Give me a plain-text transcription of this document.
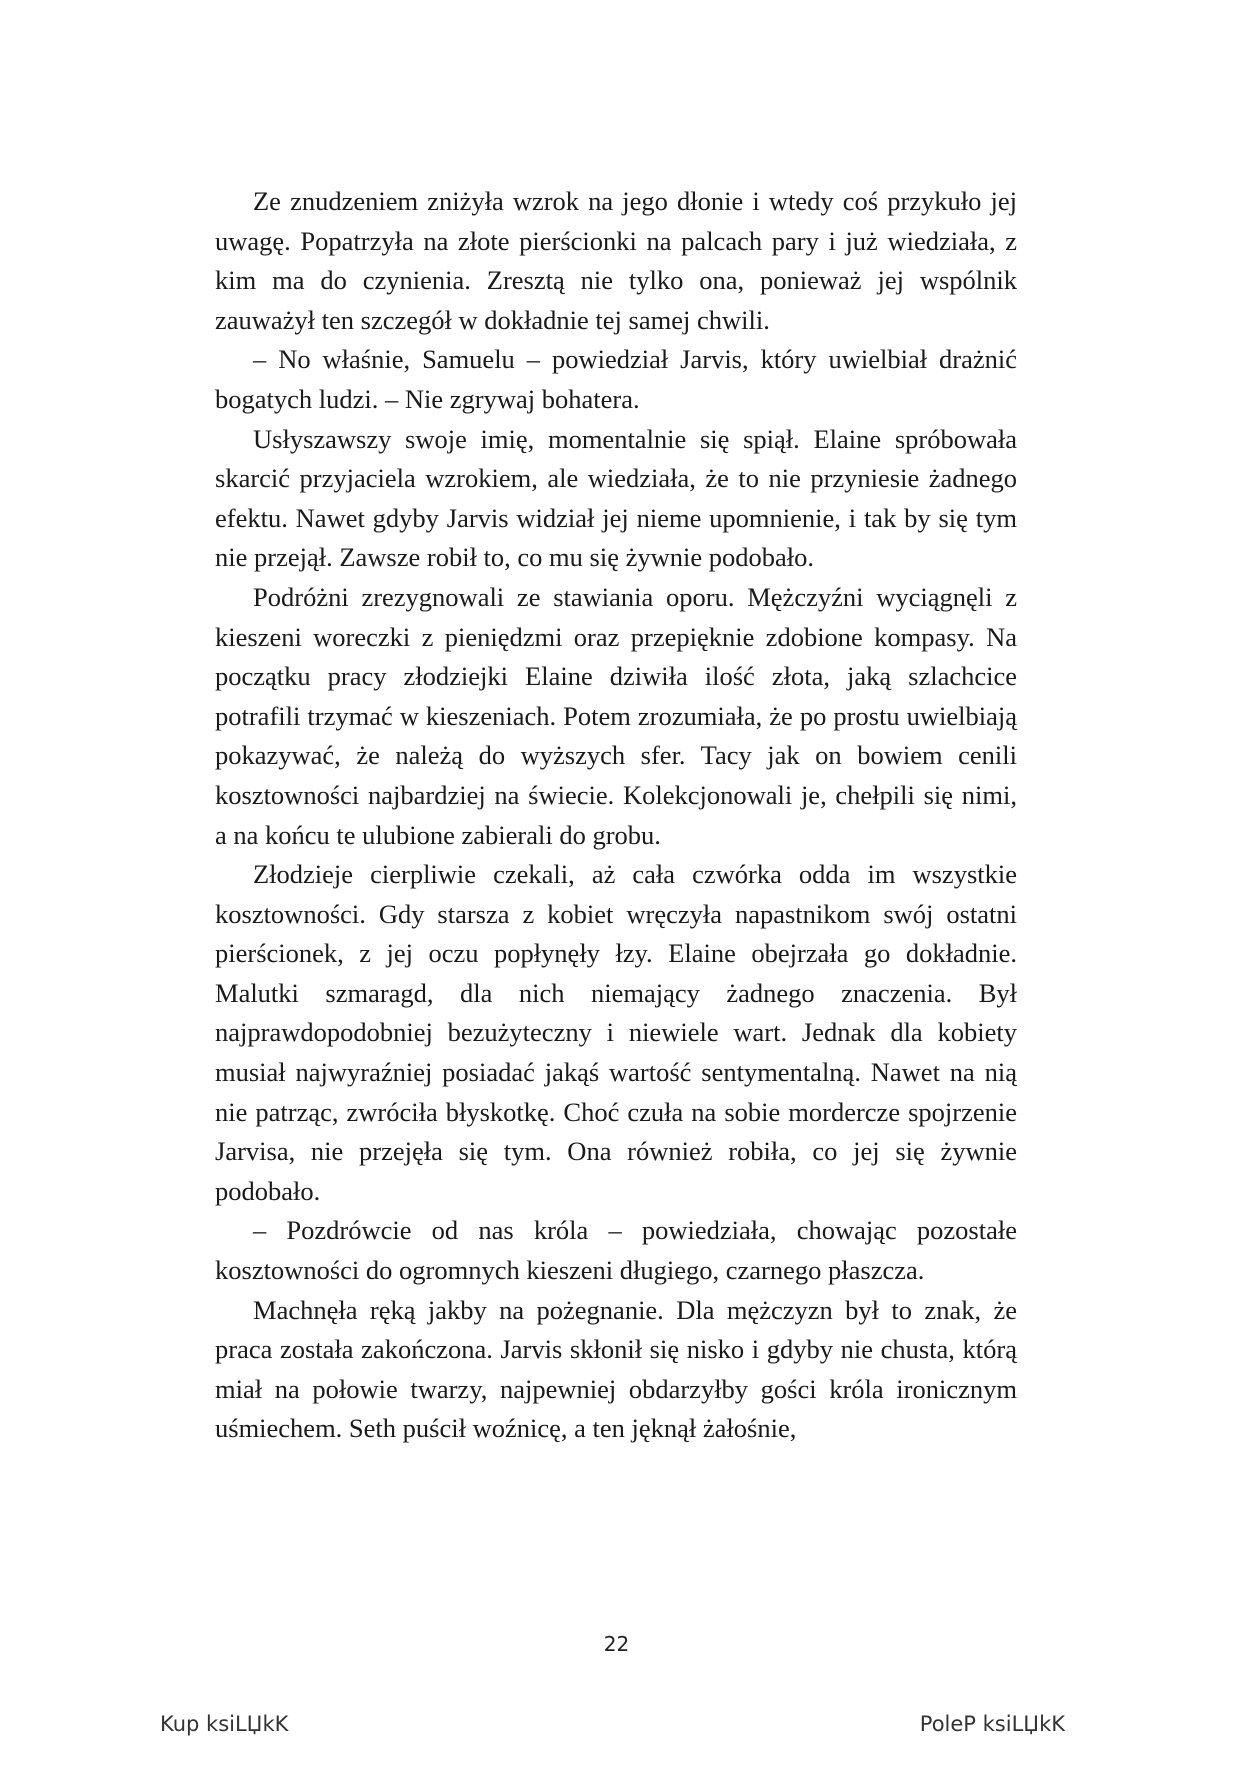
Ze znudzeniem zniżyła wzrok na jego dłonie i wtedy coś przykuło jej uwagę. Popatrzyła na złote pierścionki na palcach pary i już wiedziała, z kim ma do czynienia. Zresztą nie tylko ona, ponieważ jej wspólnik zauważył ten szczegół w dokładnie tej samej chwili.

– No właśnie, Samuelu – powiedział Jarvis, który uwielbiał drażnić bogatych ludzi. – Nie zgrywaj bohatera.

Usłyszawszy swoje imię, momentalnie się spiął. Elaine spróbowała skarcić przyjaciela wzrokiem, ale wiedziała, że to nie przyniesie żadnego efektu. Nawet gdyby Jarvis widział jej nieme upomnienie, i tak by się tym nie przejął. Zawsze robił to, co mu się żywnie podobało.

Podróżni zrezygnowali ze stawiania oporu. Mężczyźni wyciągnęli z kieszeni woreczki z pieniędzmi oraz przepięknie zdobione kompasy. Na początku pracy złodziejki Elaine dziwiła ilość złota, jaką szlachcice potrafili trzymać w kieszeniach. Potem zrozumiała, że po prostu uwielbiają pokazywać, że należą do wyższych sfer. Tacy jak on bowiem cenili kosztowności najbardziej na świecie. Kolekcjonowali je, chełpili się nimi, a na końcu te ulubione zabierali do grobu.

Złodzieje cierpliwie czekali, aż cała czwórka odda im wszystkie kosztowności. Gdy starsza z kobiet wręczyła napastnikom swój ostatni pierścionek, z jej oczu popłynęły łzy. Elaine obejrzała go dokładnie. Malutki szmaragd, dla nich niemający żadnego znaczenia. Był najprawdopodobniej bezużyteczny i niewiele wart. Jednak dla kobiety musiał najwyraźniej posiadać jakąś wartość sentymentalną. Nawet na nią nie patrząc, zwróciła błyskotkę. Choć czuła na sobie mordercze spojrzenie Jarvisa, nie przejęła się tym. Ona również robiła, co jej się żywnie podobało.

– Pozdrówcie od nas króla – powiedziała, chowając pozostałe kosztowności do ogromnych kieszeni długiego, czarnego płaszcza.

Machnęła ręką jakby na pożegnanie. Dla mężczyzn był to znak, że praca została zakończona. Jarvis skłonił się nisko i gdyby nie chusta, którą miał na połowie twarzy, najpewniej obdarzyłby gości króla ironicznym uśmiechem. Seth puścił woźnicę, a ten jęknął żałośnie,

22
Kup ksiLЏkK	PoleP ksiLЏkK
